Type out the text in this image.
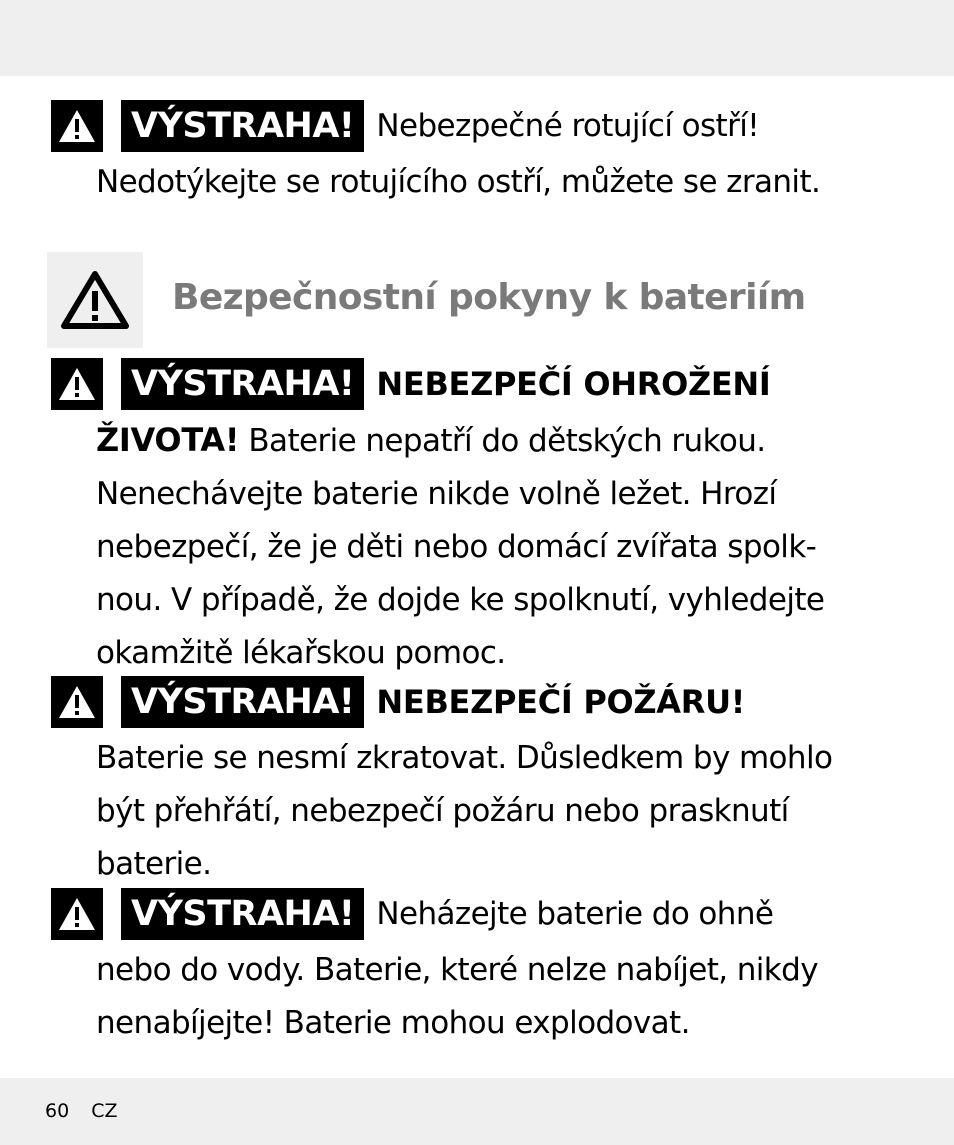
VÝSTRAHA! Nebezpečné rotující ostří!
Nedotýkejte se rotujícího ostří, můžete se zranit.
Bezpečnostní pokyny k bateriím
VÝSTRAHA! NEBEZPEČÍ OHROŽENÍ
ŽIVOTA! Baterie nepatří do dětských rukou.
Nenechávejte baterie nikde volně ležet. Hrozí
nebezpečí, že je děti nebo domácí zvířata spolk-
nou. V případě, že dojde ke spolknutí, vyhledejte
okamžitě lékařskou pomoc.
VÝSTRAHA! NEBEZPEČÍ POŽÁRU!
Baterie se nesmí zkratovat. Důsledkem by mohlo
být přehřátí, nebezpečí požáru nebo prasknutí
baterie.
VÝSTRAHA! Neházejte baterie do ohně
nebo do vody. Baterie, které nelze nabíjet, nikdy
nenabíjejte! Baterie mohou explodovat.
60 CZ
